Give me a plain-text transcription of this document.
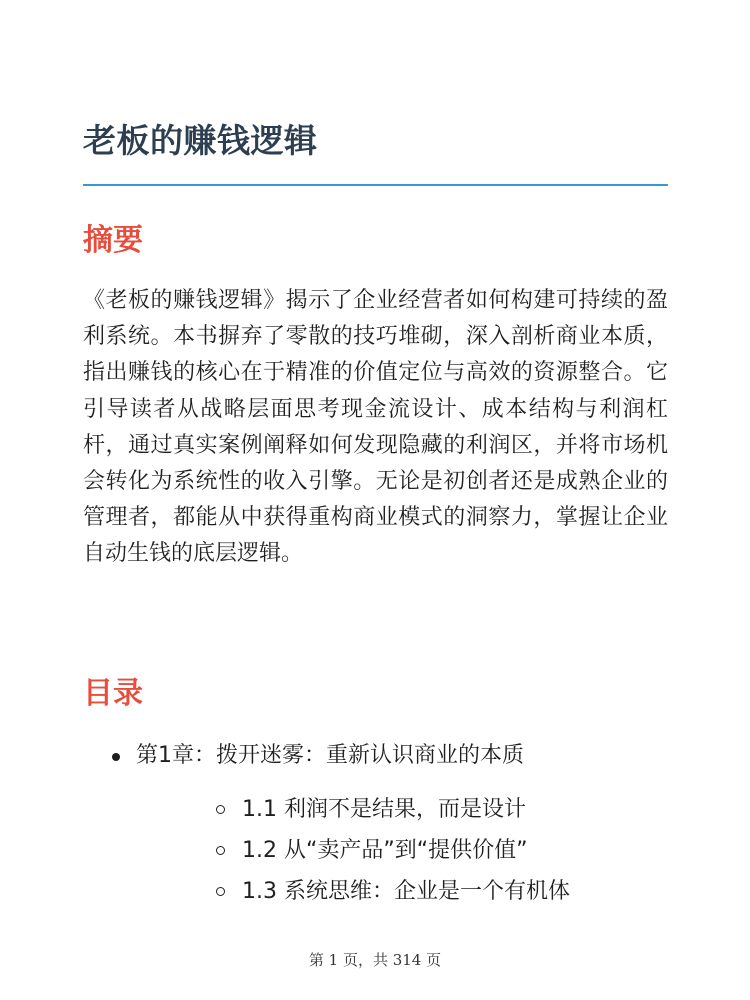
老板的赚钱逻辑
摘要

《老板的赚钱逻辑》揭示了企业经营者如何构建可持续的盈利系统。本书摒弃了零散的技巧堆砌，深入剖析商业本质，指出赚钱的核心在于精准的价值定位与高效的资源整合。它引导读者从战略层面思考现金流设计、成本结构与利润杠杆，通过真实案例阐释如何发现隐藏的利润区，并将市场机会转化为系统性的收入引擎。无论是初创者还是成熟企业的管理者，都能从中获得重构商业模式的洞察力，掌握让企业自动生钱的底层逻辑。

目录
第1章：拨开迷雾：重新认识商业的本质
1.1 利润不是结果，而是设计
1.2 从“卖产品”到“提供价值”
1.3 系统思维：企业是一个有机体
第 1 页，共 314 页
